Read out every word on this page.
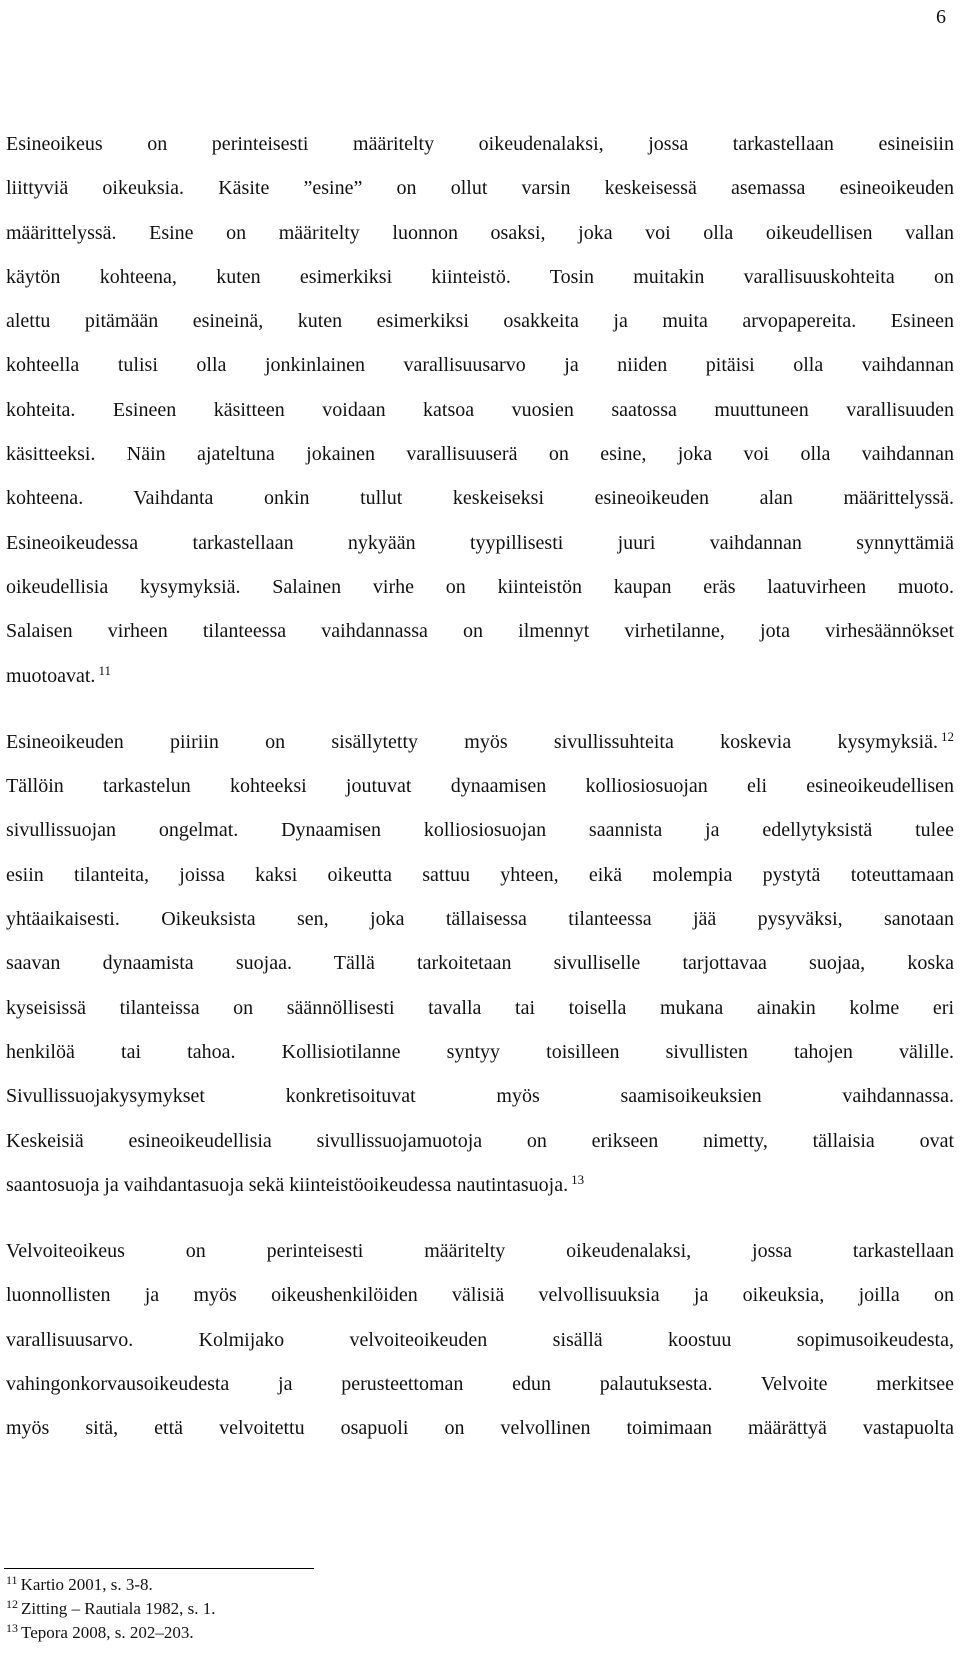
6
Esineoikeus on perinteisesti määritelty oikeudenalaksi, jossa tarkastellaan esineisiin
liittyviä oikeuksia. Käsite ”esine” on ollut varsin keskeisessä asemassa esineoikeuden
määrittelyssä. Esine on määritelty luonnon osaksi, joka voi olla oikeudellisen vallan
käytön kohteena, kuten esimerkiksi kiinteistö. Tosin muitakin varallisuuskohteita on
alettu pitämään esineinä, kuten esimerkiksi osakkeita ja muita arvopapereita. Esineen
kohteella tulisi olla jonkinlainen varallisuusarvo ja niiden pitäisi olla vaihdannan
kohteita. Esineen käsitteen voidaan katsoa vuosien saatossa muuttuneen varallisuuden
käsitteeksi. Näin ajateltuna jokainen varallisuuserä on esine, joka voi olla vaihdannan
kohteena. Vaihdanta onkin tullut keskeiseksi esineoikeuden alan määrittelyssä.
Esineoikeudessa tarkastellaan nykyään tyypillisesti juuri vaihdannan synnyttämiä
oikeudellisia kysymyksiä. Salainen virhe on kiinteistön kaupan eräs laatuvirheen muoto.
Salaisen virheen tilanteessa vaihdannassa on ilmennyt virhetilanne, jota virhesäännökset
muotoavat. $^{11}$
Esineoikeuden piiriin on sisällytetty myös sivullissuhteita koskevia kysymyksiä. $^{12}$
Tällöin tarkastelun kohteeksi joutuvat dynaamisen kolliosiosuojan eli esineoikeudellisen
sivullissuojan ongelmat. Dynaamisen kolliosiosuojan saannista ja edellytyksistä tulee
esiin tilanteita, joissa kaksi oikeutta sattuu yhteen, eikä molempia pystytä toteuttamaan
yhtäaikaisesti. Oikeuksista sen, joka tällaisessa tilanteessa jää pysyväksi, sanotaan
saavan dynaamista suojaa. Tällä tarkoitetaan sivulliselle tarjottavaa suojaa, koska
kyseisissä tilanteissa on säännöllisesti tavalla tai toisella mukana ainakin kolme eri
henkilöä tai tahoa. Kollisiotilanne syntyy toisilleen sivullisten tahojen välille.
Sivullissuojakysymykset konkretisoituvat myös saamisoikeuksien vaihdannassa.
Keskeisiä esineoikeudellisia sivullissuojamuotoja on erikseen nimetty, tällaisia ovat
saantosuoja ja vaihdantasuoja sekä kiinteistöoikeudessa nautintasuoja. $^{13}$
Velvoiteoikeus on perinteisesti määritelty oikeudenalaksi, jossa tarkastellaan
luonnollisten ja myös oikeushenkilöiden välisiä velvollisuuksia ja oikeuksia, joilla on
varallisuusarvo. Kolmijako velvoiteoikeuden sisällä koostuu sopimusoikeudesta,
vahingonkorvausoikeudesta ja perusteettoman edun palautuksesta. Velvoite merkitsee
myös sitä, että velvoitettu osapuoli on velvollinen toimimaan määrättyä vastapuolta
$^{11}$ Kartio 2001, s. 3-8.
$^{12}$ Zitting – Rautiala 1982, s. 1.
$^{13}$ Tepora 2008, s. 202–203.
